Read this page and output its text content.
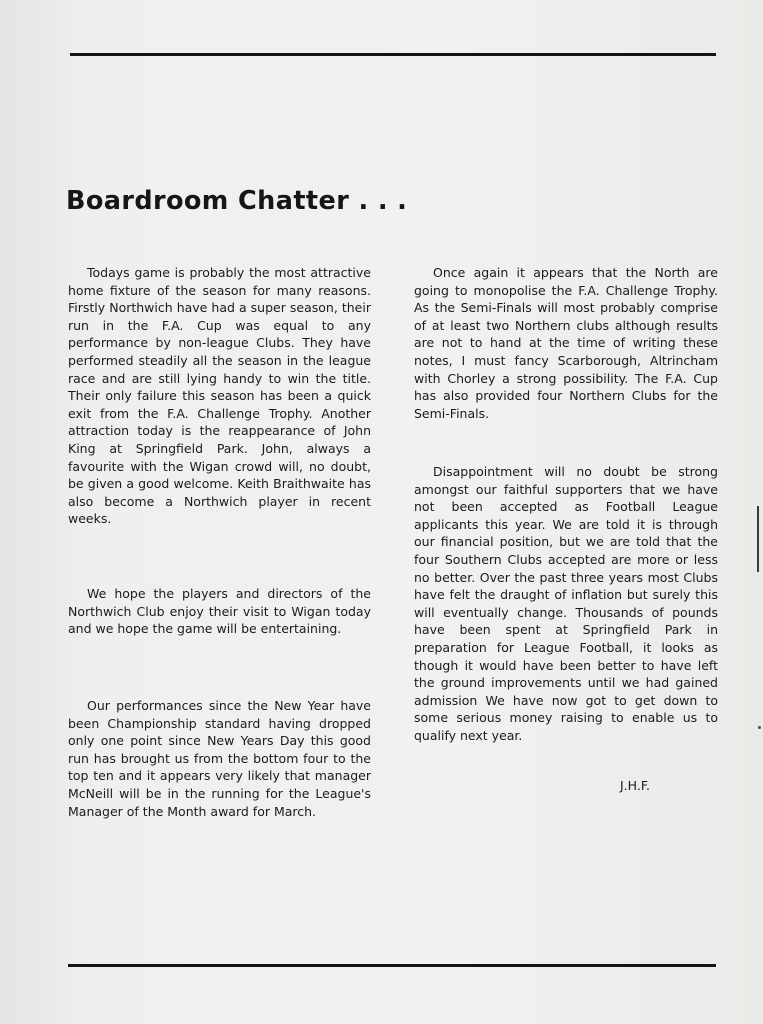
Boardroom Chatter . . .

Todays game is probably the most attractive home fixture of the season for many reasons. Firstly Northwich have had a super season, their run in the F.A. Cup was equal to any performance by non-league Clubs. They have performed steadily all the season in the league race and are still lying handy to win the title. Their only failure this season has been a quick exit from the F.A. Challenge Trophy. Another attraction today is the reappearance of John King at Springfield Park. John, always a favourite with the Wigan crowd will, no doubt, be given a good welcome. Keith Braithwaite has also become a Northwich player in recent weeks.

We hope the players and directors of the Northwich Club enjoy their visit to Wigan today and we hope the game will be entertaining.

Our performances since the New Year have been Championship standard having dropped only one point since New Years Day this good run has brought us from the bottom four to the top ten and it appears very likely that manager McNeill will be in the running for the League's Manager of the Month award for March.

Once again it appears that the North are going to monopolise the F.A. Challenge Trophy. As the Semi-Finals will most probably comprise of at least two Northern clubs although results are not to hand at the time of writing these notes, I must fancy Scarborough, Altrincham with Chorley a strong possibility. The F.A. Cup has also provided four Northern Clubs for the Semi-Finals.

Disappointment will no doubt be strong amongst our faithful supporters that we have not been accepted as Football League applicants this year. We are told it is through our financial position, but we are told that the four Southern Clubs accepted are more or less no better. Over the past three years most Clubs have felt the draught of inflation but surely this will eventually change. Thousands of pounds have been spent at Springfield Park in preparation for League Football, it looks as though it would have been better to have left the ground improvements until we had gained admission We have now got to get down to some serious money raising to enable us to qualify next year.

J.H.F.
